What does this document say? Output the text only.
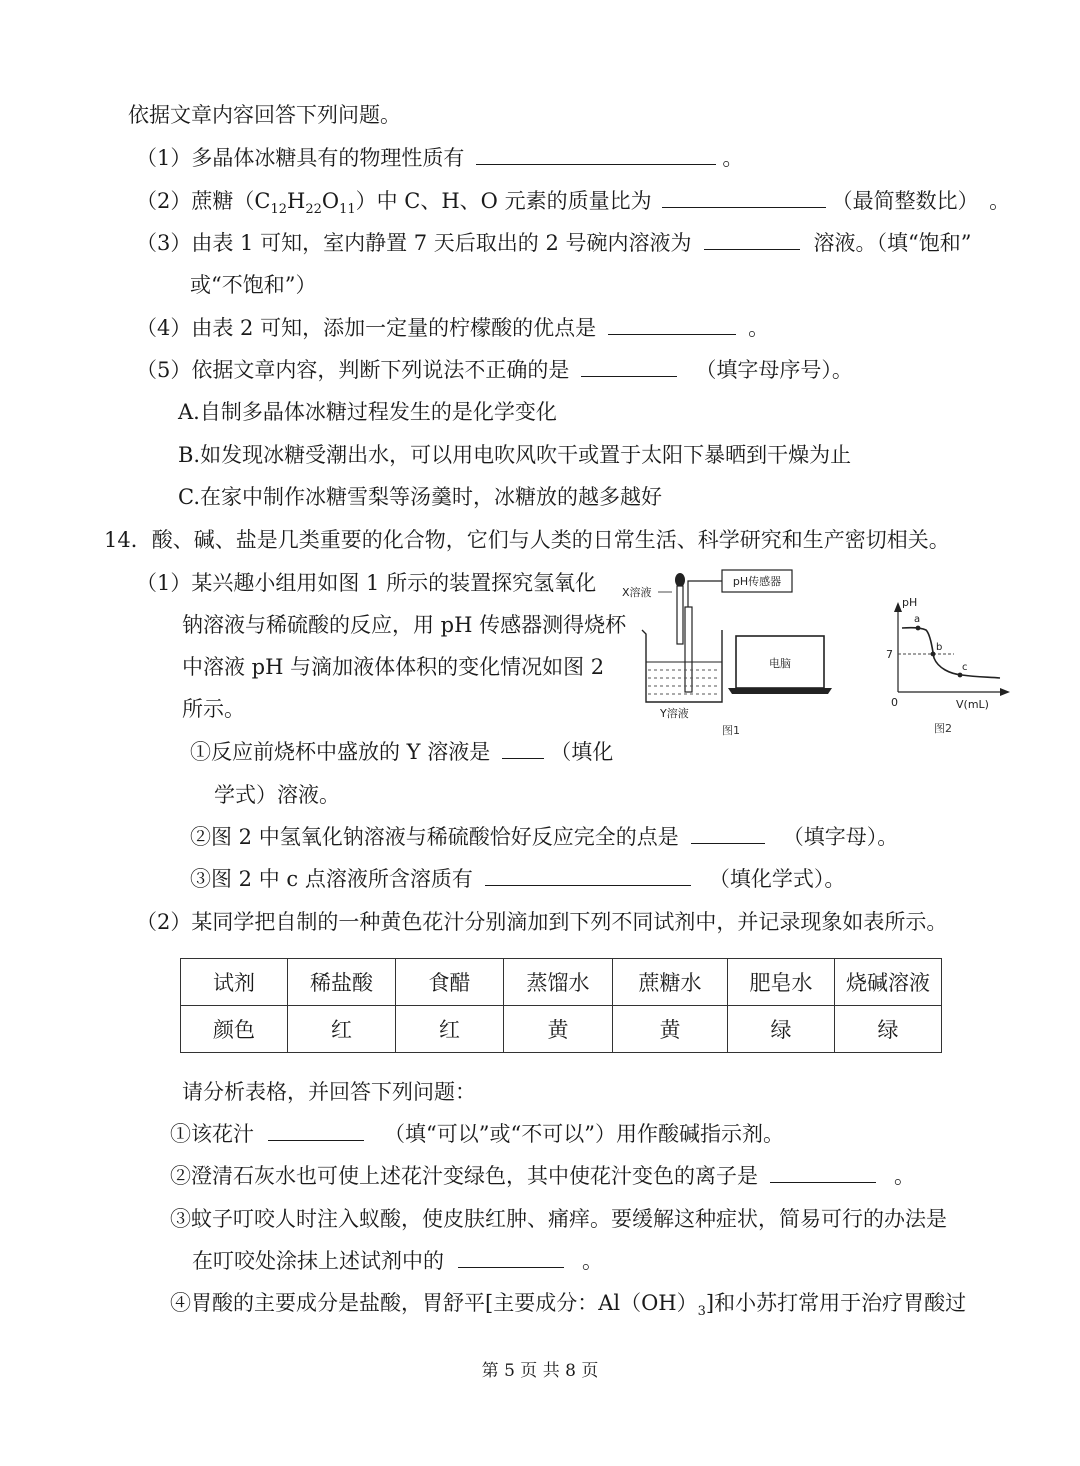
依据文章内容回答下列问题。
（1）多晶体冰糖具有的物理性质有	。
（2）蔗糖$(C_{12}H_{22}O_{11})$中 C、H、O 元素的质量比为	（最简整数比）　。
（3）由表 1 可知，室内静置 7 天后取出的 2 号碗内溶液为	溶液。（填“饱和”
或“不饱和”）
（4）由表 2 可知，添加一定量的柠檬酸的优点是	。
（5）依据文章内容，判断下列说法不正确的是	（填字母序号）。
A.自制多晶体冰糖过程发生的是化学变化
B.如发现冰糖受潮出水，可以用电吹风吹干或置于太阳下暴晒到干燥为止
C.在家中制作冰糖雪梨等汤羹时，冰糖放的越多越好
14．酸、碱、盐是几类重要的化合物，它们与人类的日常生活、科学研究和生产密切相关。
（1）某兴趣小组用如图 1 所示的装置探究氢氧化
钠溶液与稀硫酸的反应，用 pH 传感器测得烧杯
中溶液 pH 与滴加液体体积的变化情况如图 2
所示。
X溶液
pH传感器
Y溶液
图1
电脑
pH
V(mL)
0
7
a
b
c
图2
①反应前烧杯中盛放的 Y 溶液是	（填化
学式）溶液。
②图 2 中氢氧化钠溶液与稀硫酸恰好反应完全的点是	（填字母）。
③图 2 中 c 点溶液所含溶质有	（填化学式）。
（2）某同学把自制的一种黄色花汁分别滴加到下列不同试剂中，并记录现象如表所示。
试剂	稀盐酸	食醋	蒸馏水	蔗糖水	肥皂水	烧碱溶液
颜色	红	红	黄	黄	绿	绿
请分析表格，并回答下列问题：
①该花汁	（填“可以”或“不可以”）用作酸碱指示剂。
②澄清石灰水也可使上述花汁变绿色，其中使花汁变色的离子是	。
③蚊子叮咬人时注入蚁酸，使皮肤红肿、痛痒。要缓解这种症状，简易可行的办法是
在叮咬处涂抹上述试剂中的	。
④胃酸的主要成分是盐酸，胃舒平[主要成分：$Al(OH)_3$]和小苏打常用于治疗胃酸过
第 5 页 共 8 页
